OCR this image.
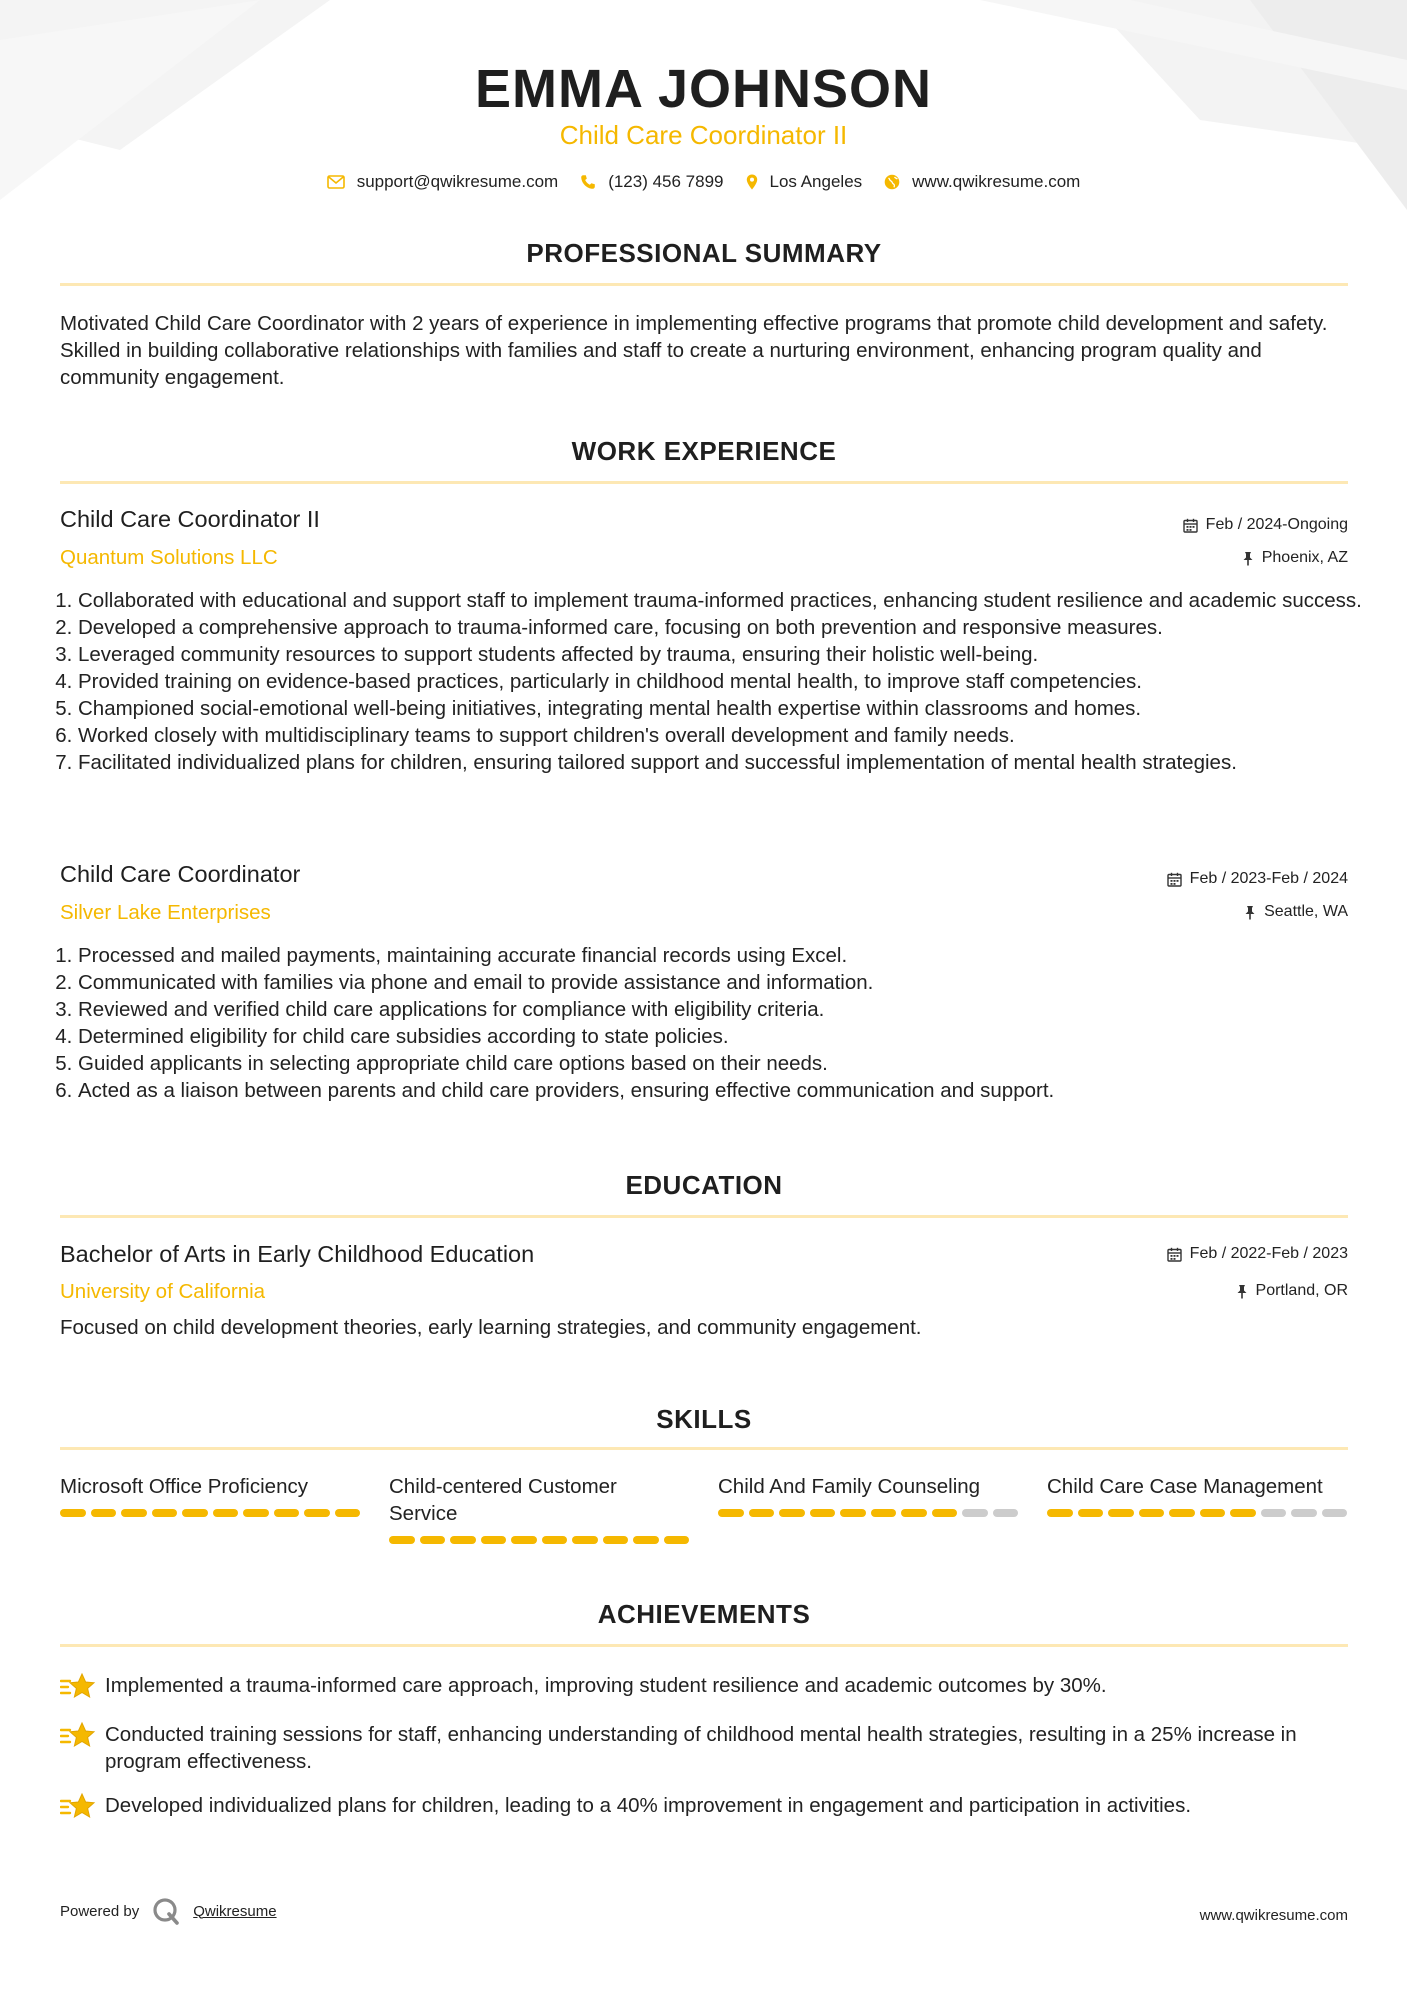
EMMA JOHNSON
Child Care Coordinator II
support@qwikresume.com	(123) 456 7899	Los Angeles	www.qwikresume.com
PROFESSIONAL SUMMARY
Motivated Child Care Coordinator with 2 years of experience in implementing effective programs that promote child development and safety. Skilled in building collaborative relationships with families and staff to create a nurturing environment, enhancing program quality and community engagement.
WORK EXPERIENCE
Child Care Coordinator II	Feb / 2024-Ongoing
Quantum Solutions LLC	Phoenix, AZ
1. Collaborated with educational and support staff to implement trauma-informed practices, enhancing student resilience and academic success.
2. Developed a comprehensive approach to trauma-informed care, focusing on both prevention and responsive measures.
3. Leveraged community resources to support students affected by trauma, ensuring their holistic well-being.
4. Provided training on evidence-based practices, particularly in childhood mental health, to improve staff competencies.
5. Championed social-emotional well-being initiatives, integrating mental health expertise within classrooms and homes.
6. Worked closely with multidisciplinary teams to support children's overall development and family needs.
7. Facilitated individualized plans for children, ensuring tailored support and successful implementation of mental health strategies.
Child Care Coordinator	Feb / 2023-Feb / 2024
Silver Lake Enterprises	Seattle, WA
1. Processed and mailed payments, maintaining accurate financial records using Excel.
2. Communicated with families via phone and email to provide assistance and information.
3. Reviewed and verified child care applications for compliance with eligibility criteria.
4. Determined eligibility for child care subsidies according to state policies.
5. Guided applicants in selecting appropriate child care options based on their needs.
6. Acted as a liaison between parents and child care providers, ensuring effective communication and support.
EDUCATION
Bachelor of Arts in Early Childhood Education	Feb / 2022-Feb / 2023
University of California	Portland, OR
Focused on child development theories, early learning strategies, and community engagement.
SKILLS
Microsoft Office Proficiency	Child-centered Customer Service
Child And Family Counseling	Child Care Case Management
ACHIEVEMENTS
Implemented a trauma-informed care approach, improving student resilience and academic outcomes by 30%.
Conducted training sessions for staff, enhancing understanding of childhood mental health strategies, resulting in a 25% increase in program effectiveness.
Developed individualized plans for children, leading to a 40% improvement in engagement and participation in activities.
Powered by	Qwikresume	www.qwikresume.com
